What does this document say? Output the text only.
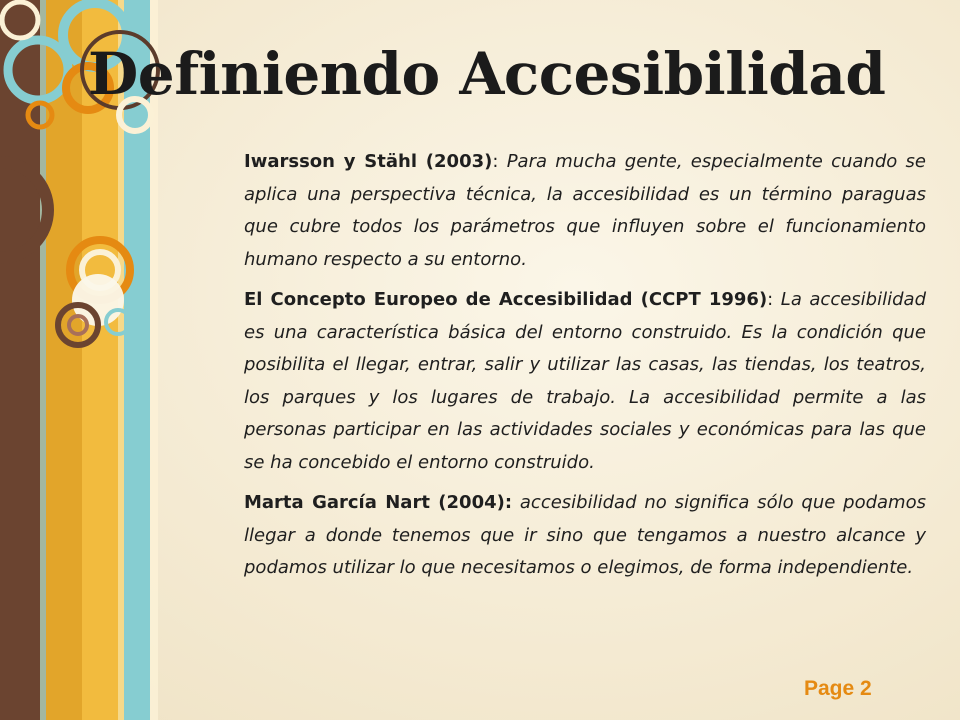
Definiendo Accesibilidad

Iwarsson y Stähl (2003): Para mucha gente, especialmente cuando se aplica una perspectiva técnica, la accesibilidad es un término paraguas que cubre todos los parámetros que influyen sobre el funcionamiento humano respecto a su entorno.

El Concepto Europeo de Accesibilidad (CCPT 1996): La accesibilidad es una característica básica del entorno construido. Es la condición que posibilita el llegar, entrar, salir y utilizar las casas, las tiendas, los teatros, los parques y los lugares de trabajo. La accesibilidad permite a las personas participar en las actividades sociales y económicas para las que se ha concebido el entorno construido.

Marta García Nart (2004): accesibilidad no significa sólo que podamos llegar a donde tenemos que ir sino que tengamos a nuestro alcance y podamos utilizar lo que necesitamos o elegimos, de forma independiente.

Page 2
